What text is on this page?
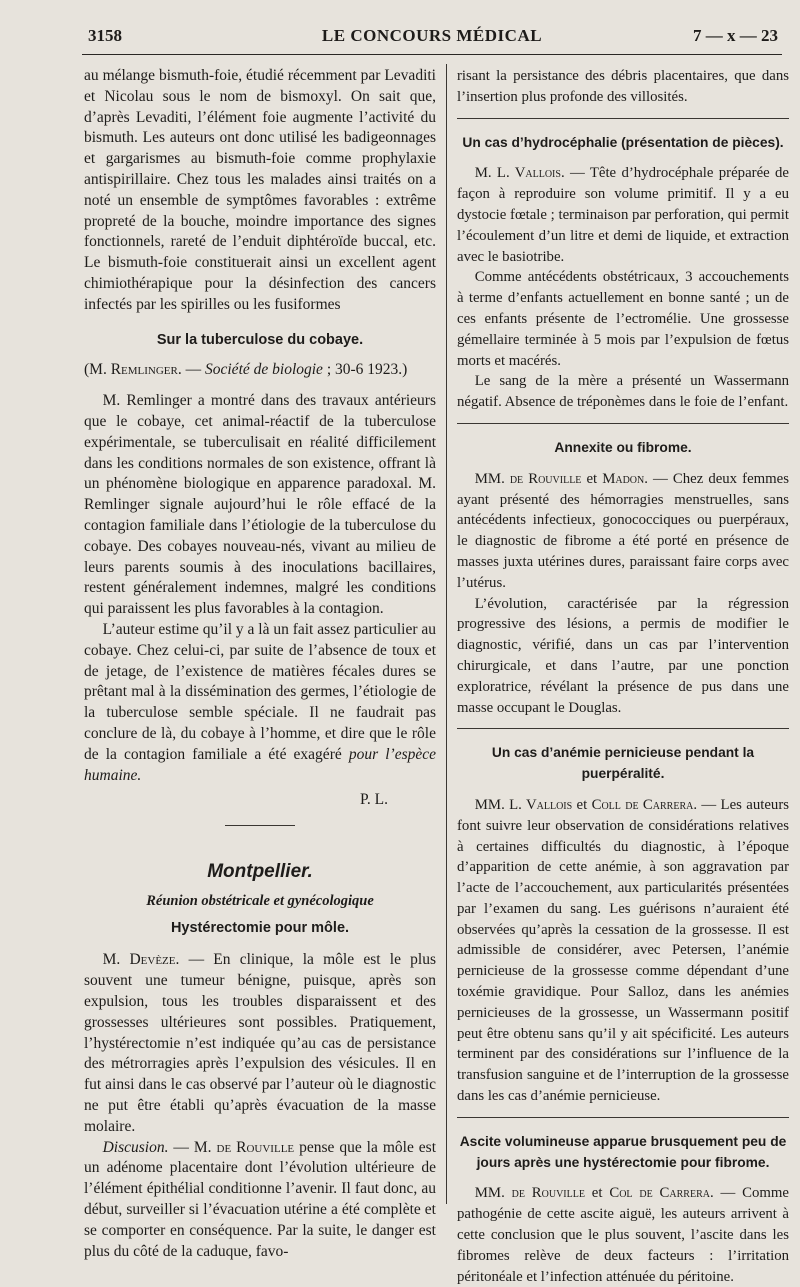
3158	LE CONCOURS MÉDICAL	7 — x — 23

au mélange bismuth-foie, étudié récemment par Levaditi et Nicolau sous le nom de bismoxyl. On sait que, d’après Levaditi, l’élément foie augmente l’activité du bismuth. Les auteurs ont donc utilisé les badigeonnages et gargarismes au bismuth-foie comme prophylaxie antispirillaire. Chez tous les malades ainsi traités on a noté un ensemble de symptômes favorables : extrême propreté de la bouche, moindre importance des signes fonctionnels, rareté de l’enduit diphtéroïde buccal, etc. Le bismuth-foie constituerait ainsi un excellent agent chimiothérapique pour la désinfection des cancers infectés par les spirilles ou les fusiformes

Sur la tuberculose du cobaye.

(M. Remlinger. — Société de biologie ; 30-6 1923.)

M. Remlinger a montré dans des travaux antérieurs que le cobaye, cet animal-réactif de la tuberculose expérimentale, se tuberculisait en réalité difficilement dans les conditions normales de son existence, offrant là un phénomène biologique en apparence paradoxal. M. Remlinger signale aujourd’hui le rôle effacé de la contagion familiale dans l’étiologie de la tuberculose du cobaye. Des cobayes nouveau-nés, vivant au milieu de leurs parents soumis à des inoculations bacillaires, restent généralement indemnes, malgré les conditions qui paraissent les plus favorables à la contagion.

L’auteur estime qu’il y a là un fait assez particulier au cobaye. Chez celui-ci, par suite de l’absence de toux et de jetage, de l’existence de matières fécales dures se prêtant mal à la dissémination des germes, l’étiologie de la tuberculose semble spéciale. Il ne faudrait pas conclure de là, du cobaye à l’homme, et dire que le rôle de la contagion familiale a été exagéré pour l’espèce humaine.

P. L.
Montpellier.
Réunion obstétricale et gynécologique
Hystérectomie pour môle.

M. Devèze. — En clinique, la môle est le plus souvent une tumeur bénigne, puisque, après son expulsion, tous les troubles disparaissent et des grossesses ultérieures sont possibles. Pratiquement, l’hystérectomie n’est indiquée qu’au cas de persistance des métrorragies après l’expulsion des vésicules. Il en fut ainsi dans le cas observé par l’auteur où le diagnostic ne put être établi qu’après évacuation de la masse molaire.

Discusion. — M. de Rouville pense que la môle est un adénome placentaire dont l’évolution ultérieure de l’élément épithélial conditionne l’avenir. Il faut donc, au début, surveiller si l’évacuation utérine a été complète et se comporter en conséquence. Par la suite, le danger est plus du côté de la caduque, favo-

risant la persistance des débris placentaires, que dans l’insertion plus profonde des villosités.

Un cas d’hydrocéphalie (présentation de pièces).

M. L. Vallois. — Tête d’hydrocéphale préparée de façon à reproduire son volume primitif. Il y a eu dystocie fœtale ; terminaison par perforation, qui permit l’écoulement d’un litre et demi de liquide, et extraction avec le basiotribe.

Comme antécédents obstétricaux, 3 accouchements à terme d’enfants actuellement en bonne santé ; un de ces enfants présente de l’ectromélie. Une grossesse gémellaire terminée à 5 mois par l’expulsion de fœtus morts et macérés.

Le sang de la mère a présenté un Wassermann négatif. Absence de tréponèmes dans le foie de l’enfant.

Annexite ou fibrome.

MM. de Rouville et Madon. — Chez deux femmes ayant présenté des hémorragies menstruelles, sans antécédents infectieux, gonococciques ou puerpéraux, le diagnostic de fibrome a été porté en présence de masses juxta utérines dures, paraissant faire corps avec l’utérus.

L’évolution, caractérisée par la régression progressive des lésions, a permis de modifier le diagnostic, vérifié, dans un cas par l’intervention chirurgicale, et dans l’autre, par une ponction exploratrice, révélant la présence de pus dans une masse occupant le Douglas.

Un cas d’anémie pernicieuse pendant la puerpéralité.

MM. L. Vallois et Coll de Carrera. — Les auteurs font suivre leur observation de considérations relatives à certaines difficultés du diagnostic, à l’époque d’apparition de cette anémie, à son aggravation par l’acte de l’accouchement, aux particularités présentées par l’examen du sang. Les guérisons n’auraient été observées qu’après la cessation de la grossesse. Il est admissible de considérer, avec Petersen, l’anémie pernicieuse de la grossesse comme dépendant d’une toxémie gravidique. Pour Salloz, dans les anémies pernicieuses de la grossesse, un Wassermann positif peut être obtenu sans qu’il y ait spécificité. Les auteurs terminent par des considérations sur l’influence de la transfusion sanguine et de l’interruption de la grossesse dans les cas d’anémie pernicieuse.

Ascite volumineuse apparue brusquement peu de jours après une hystérectomie pour fibrome.

MM. de Rouville et Col de Carrera. — Comme pathogénie de cette ascite aiguë, les auteurs arrivent à cette conclusion que le plus souvent, l’ascite dans les fibromes relève de deux facteurs : l’irritation péritonéale et l’infection atténuée du péritoine.
